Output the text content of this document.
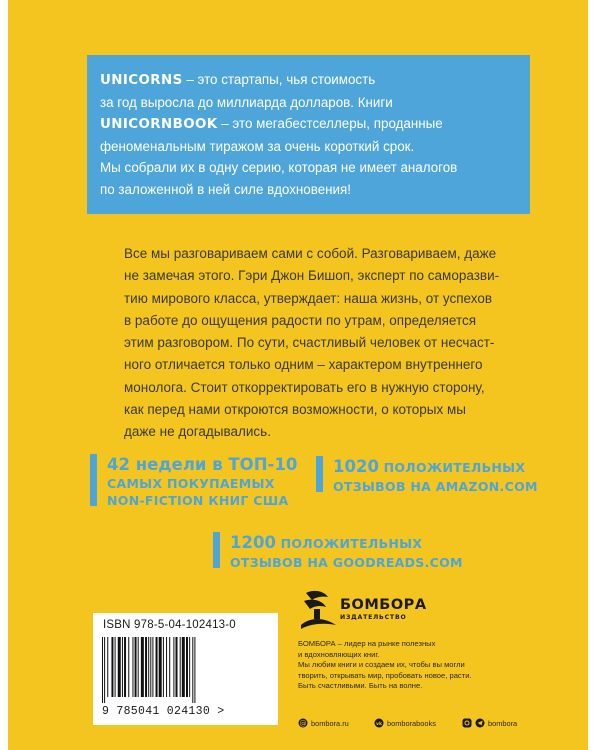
UNICORNS – это стартапы, чья стоимость
за год выросла до миллиарда долларов. Книги
UNICORNBOOK – это мегабестселлеры, проданные
феноменальным тиражом за очень короткий срок.
Мы собрали их в одну серию, которая не имеет аналогов
по заложенной в ней силе вдохновения!
Все мы разговариваем сами с собой. Разговариваем, даже
не замечая этого. Гэри Джон Бишоп, эксперт по саморазви-
тию мирового класса, утверждает: наша жизнь, от успехов
в работе до ощущения радости по утрам, определяется
этим разговором. По сути, счастливый человек от несчаст-
ного отличается только одним – характером внутреннего
монолога. Стоит откорректировать его в нужную сторону,
как перед нами откроются возможности, о которых мы
даже не догадывались.
42 недели в ТОП-10
САМЫХ ПОКУПАЕМЫХ
NON-FICTION КНИГ США
1020 ПОЛОЖИТЕЛЬНЫХ
ОТЗЫВОВ НА AMAZON.COM
1200 ПОЛОЖИТЕЛЬНЫХ
ОТЗЫВОВ НА GOODREADS.COM
ISBN 978-5-04-102413-0
9 785041 024130 >
БОМБОРА
ИЗДАТЕЛЬСТВО
БОМБОРА – лидер на рынке полезных
и вдохновляющих книг.
Мы любим книги и создаем их, чтобы вы могли
творить, открывать мир, пробовать новое, расти.
Быть счастливыми. Быть на волне.
@ bombora.ru	vk bomborabooks	bombora
